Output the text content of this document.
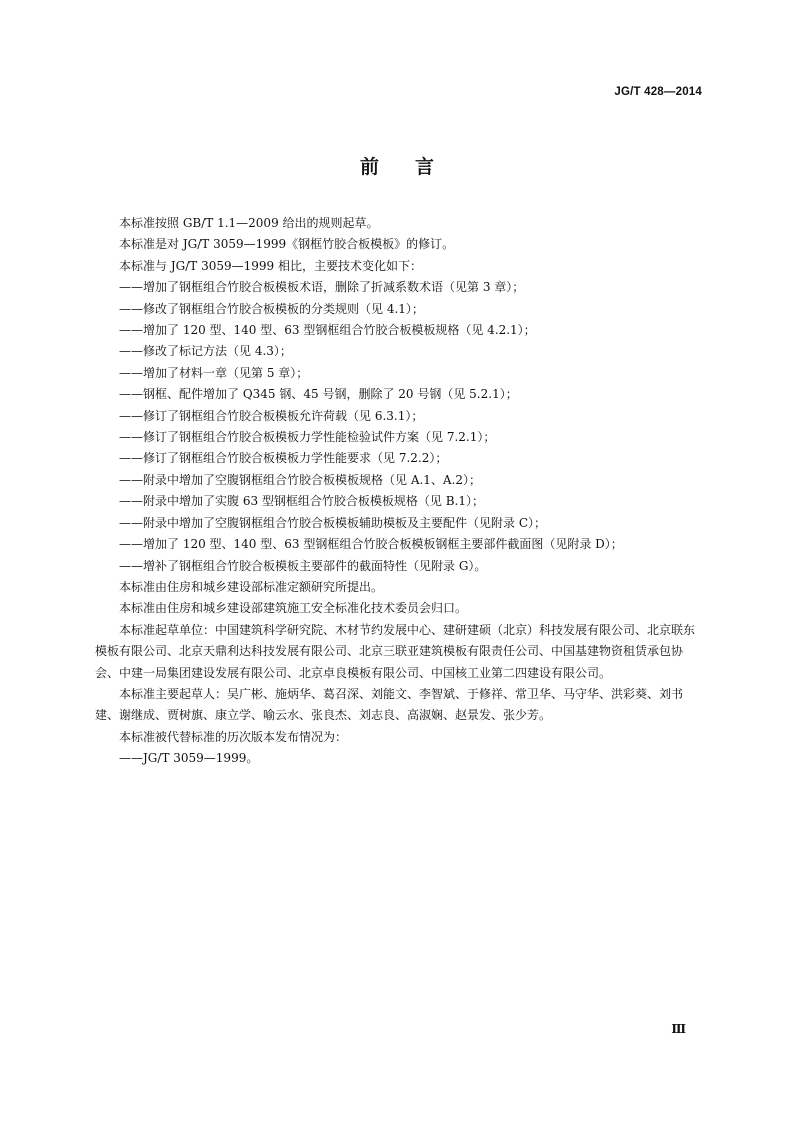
JG/T 428—2014
前言

本标准按照 GB/T 1.1—2009 给出的规则起草。

本标准是对 JG/T 3059—1999《钢框竹胶合板模板》的修订。

本标准与 JG/T 3059—1999 相比，主要技术变化如下：

——增加了钢框组合竹胶合板模板术语，删除了折减系数术语（见第 3 章）；

——修改了钢框组合竹胶合板模板的分类规则（见 4.1）；

——增加了 120 型、140 型、63 型钢框组合竹胶合板模板规格（见 4.2.1）；

——修改了标记方法（见 4.3）；

——增加了材料一章（见第 5 章）；

——钢框、配件增加了 Q345 钢、45 号钢，删除了 20 号钢（见 5.2.1）；

——修订了钢框组合竹胶合板模板允许荷载（见 6.3.1）；

——修订了钢框组合竹胶合板模板力学性能检验试件方案（见 7.2.1）；

——修订了钢框组合竹胶合板模板力学性能要求（见 7.2.2）；

——附录中增加了空腹钢框组合竹胶合板模板规格（见 A.1、A.2）；

——附录中增加了实腹 63 型钢框组合竹胶合板模板规格（见 B.1）；

——附录中增加了空腹钢框组合竹胶合板模板辅助模板及主要配件（见附录 C）；

——增加了 120 型、140 型、63 型钢框组合竹胶合板模板钢框主要部件截面图（见附录 D）；

——增补了钢框组合竹胶合板模板主要部件的截面特性（见附录 G）。

本标准由住房和城乡建设部标准定额研究所提出。

本标准由住房和城乡建设部建筑施工安全标准化技术委员会归口。

本标准起草单位：中国建筑科学研究院、木材节约发展中心、建研建硕（北京）科技发展有限公司、北京联东模板有限公司、北京天鼎利达科技发展有限公司、北京三联亚建筑模板有限责任公司、中国基建物资租赁承包协会、中建一局集团建设发展有限公司、北京卓良模板有限公司、中国核工业第二四建设有限公司。

本标准主要起草人：吴广彬、施炳华、葛召深、刘能文、李智斌、于修祥、常卫华、马守华、洪彩葵、刘书建、谢继成、贾树旗、康立学、喻云水、张良杰、刘志良、高淑娴、赵景发、张少芳。

本标准被代替标准的历次版本发布情况为：

——JG/T 3059—1999。

Ⅲ
